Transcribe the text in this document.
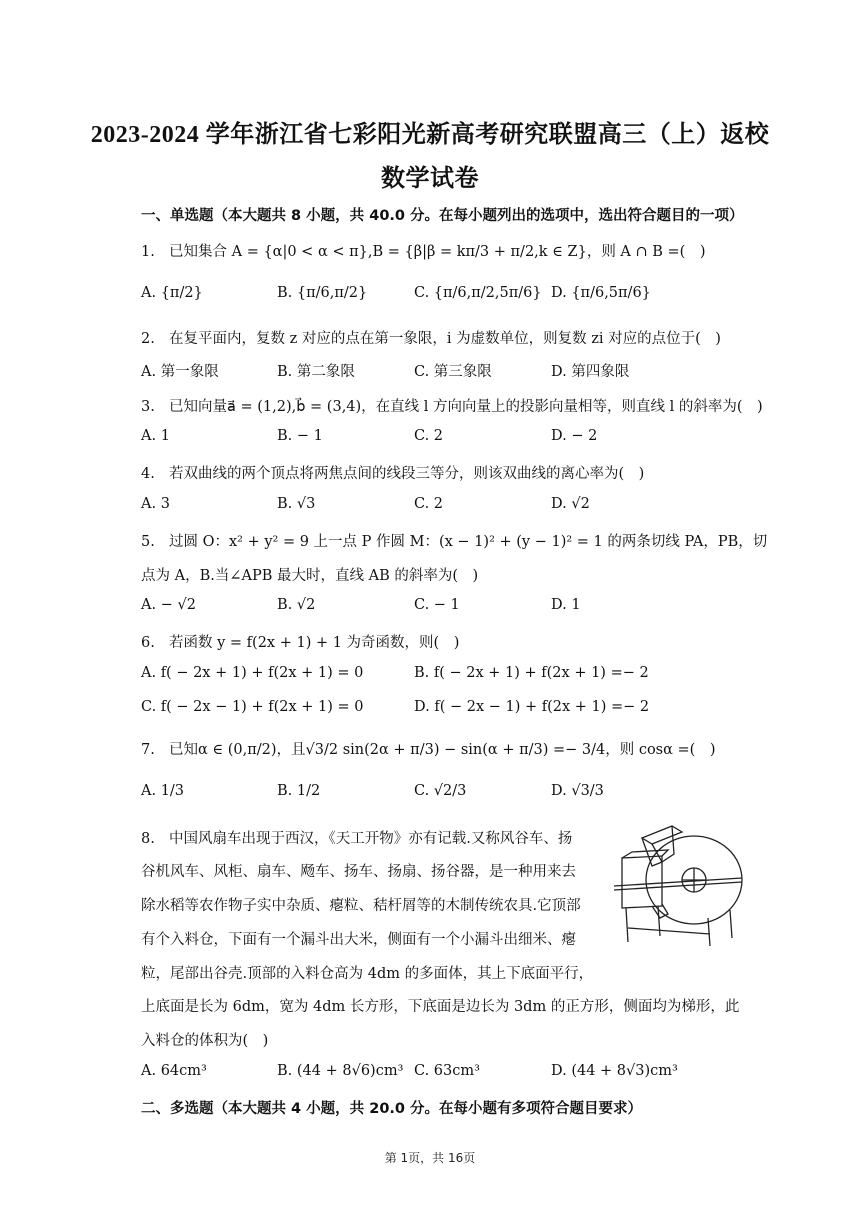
2023-2024 学年浙江省七彩阳光新高考研究联盟高三（上）返校
数学试卷
一、单选题（本大题共 8 小题，共 40.0 分。在每小题列出的选项中，选出符合题目的一项）
1. 已知集合 A = {α|0 < α < π},B = {β|β = kπ/3 + π/2,k ∈ Z}，则 A ∩ B =(　)
A. {π/2}	B. {π/6,π/2}	C. {π/6,π/2,5π/6} D. {π/6,5π/6}
2. 在复平面内，复数 z 对应的点在第一象限，i 为虚数单位，则复数 zi 对应的点位于(　)
A. 第一象限	B. 第二象限	C. 第三象限	D. 第四象限
3. 已知向量a⃗ = (1,2),b⃗ = (3,4)，在直线 l 方向向量上的投影向量相等，则直线 l 的斜率为(　)
A. 1	B. − 1	C. 2	D. − 2
4. 若双曲线的两个顶点将两焦点间的线段三等分，则该双曲线的离心率为(　)
A. 3	B. √3	C. 2	D. √2
5. 过圆 O：x² + y² = 9 上一点 P 作圆 M：(x − 1)² + (y − 1)² = 1 的两条切线 PA，PB，切
点为 A，B.当∠APB 最大时，直线 AB 的斜率为(　)
A. − √2	B. √2	C. − 1	D. 1
6. 若函数 y = f(2x + 1) + 1 为奇函数，则(　)
A. f( − 2x + 1) + f(2x + 1) = 0	B. f( − 2x + 1) + f(2x + 1) =− 2
C. f( − 2x − 1) + f(2x + 1) = 0	D. f( − 2x − 1) + f(2x + 1) =− 2
7. 已知α ∈ (0,π/2)，且√3/2 sin(2α + π/3) − sin(α + π/3) =− 3/4，则 cosα =(　)
A. 1/3	B. 1/2	C. √2/3	D. √3/3
8. 中国风扇车出现于西汉，《天工开物》亦有记载.又称风谷车、扬
谷机风车、风柜、扇车、飏车、扬车、扬扇、扬谷器，是一种用来去
除水稻等农作物子实中杂质、瘪粒、秸杆屑等的木制传统农具.它顶部
有个入料仓，下面有一个漏斗出大米，侧面有一个小漏斗出细米、瘪
粒，尾部出谷壳.顶部的入料仓高为 4dm 的多面体，其上下底面平行，
上底面是长为 6dm，宽为 4dm 长方形，下底面是边长为 3dm 的正方形，侧面均为梯形，此
入料仓的体积为(　)
A. 64cm³	B. (44 + 8√6)cm³ C. 63cm³	D. (44 + 8√3)cm³
二、多选题（本大题共 4 小题，共 20.0 分。在每小题有多项符合题目要求）
第 1页，共 16页
